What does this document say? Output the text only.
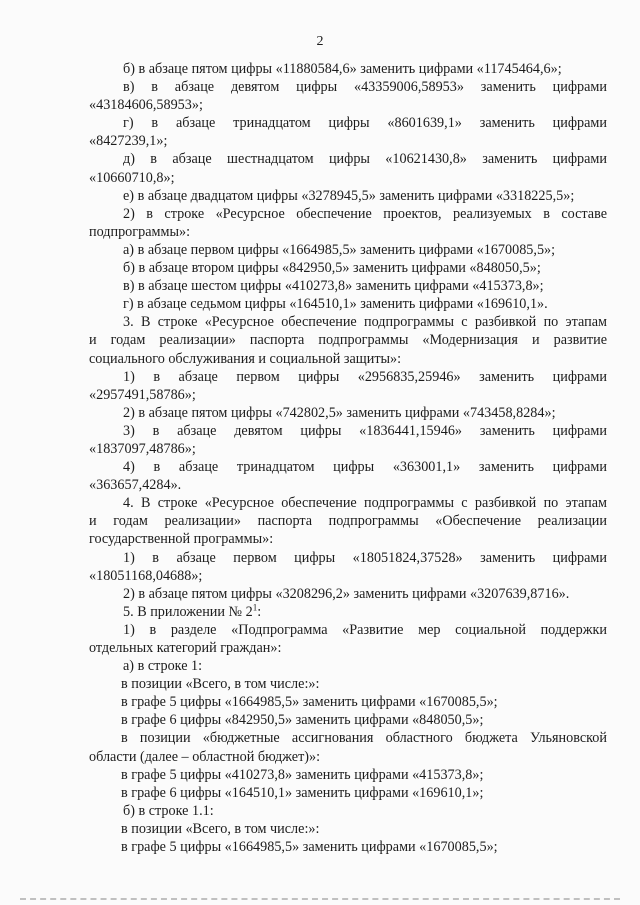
2

б) в абзаце пятом цифры «11880584,6» заменить цифрами «11745464,6»;

в) в абзаце девятом цифры «43359006,58953» заменить цифрами

«43184606,58953»;

г) в абзаце тринадцатом цифры «8601639,1» заменить цифрами

«8427239,1»;

д) в абзаце шестнадцатом цифры «10621430,8» заменить цифрами

«10660710,8»;

е) в абзаце двадцатом цифры «3278945,5» заменить цифрами «3318225,5»;

2) в строке «Ресурсное обеспечение проектов, реализуемых в составе

подпрограммы»:

а) в абзаце первом цифры «1664985,5» заменить цифрами «1670085,5»;

б) в абзаце втором цифры «842950,5» заменить цифрами «848050,5»;

в) в абзаце шестом цифры «410273,8» заменить цифрами «415373,8»;

г) в абзаце седьмом цифры «164510,1» заменить цифрами «169610,1».

3. В строке «Ресурсное обеспечение подпрограммы с разбивкой по этапам

и годам реализации» паспорта подпрограммы «Модернизация и развитие

социального обслуживания и социальной защиты»:

1) в абзаце первом цифры «2956835,25946» заменить цифрами

«2957491,58786»;

2) в абзаце пятом цифры «742802,5» заменить цифрами «743458,8284»;

3) в абзаце девятом цифры «1836441,15946» заменить цифрами

«1837097,48786»;

4) в абзаце тринадцатом цифры «363001,1» заменить цифрами

«363657,4284».

4. В строке «Ресурсное обеспечение подпрограммы с разбивкой по этапам

и годам реализации» паспорта подпрограммы «Обеспечение реализации

государственной программы»:

1) в абзаце первом цифры «18051824,37528» заменить цифрами

«18051168,04688»;

2) в абзаце пятом цифры «3208296,2» заменить цифрами «3207639,8716».

5. В приложении № $2^1$:

1) в разделе «Подпрограмма «Развитие мер социальной поддержки

отдельных категорий граждан»:

а) в строке 1:

в позиции «Всего, в том числе:»:

в графе 5 цифры «1664985,5» заменить цифрами «1670085,5»;

в графе 6 цифры «842950,5» заменить цифрами «848050,5»;

в позиции «бюджетные ассигнования областного бюджета Ульяновской

области (далее – областной бюджет)»:

в графе 5 цифры «410273,8» заменить цифрами «415373,8»;

в графе 6 цифры «164510,1» заменить цифрами «169610,1»;

б) в строке 1.1:

в позиции «Всего, в том числе:»:

в графе 5 цифры «1664985,5» заменить цифрами «1670085,5»;
